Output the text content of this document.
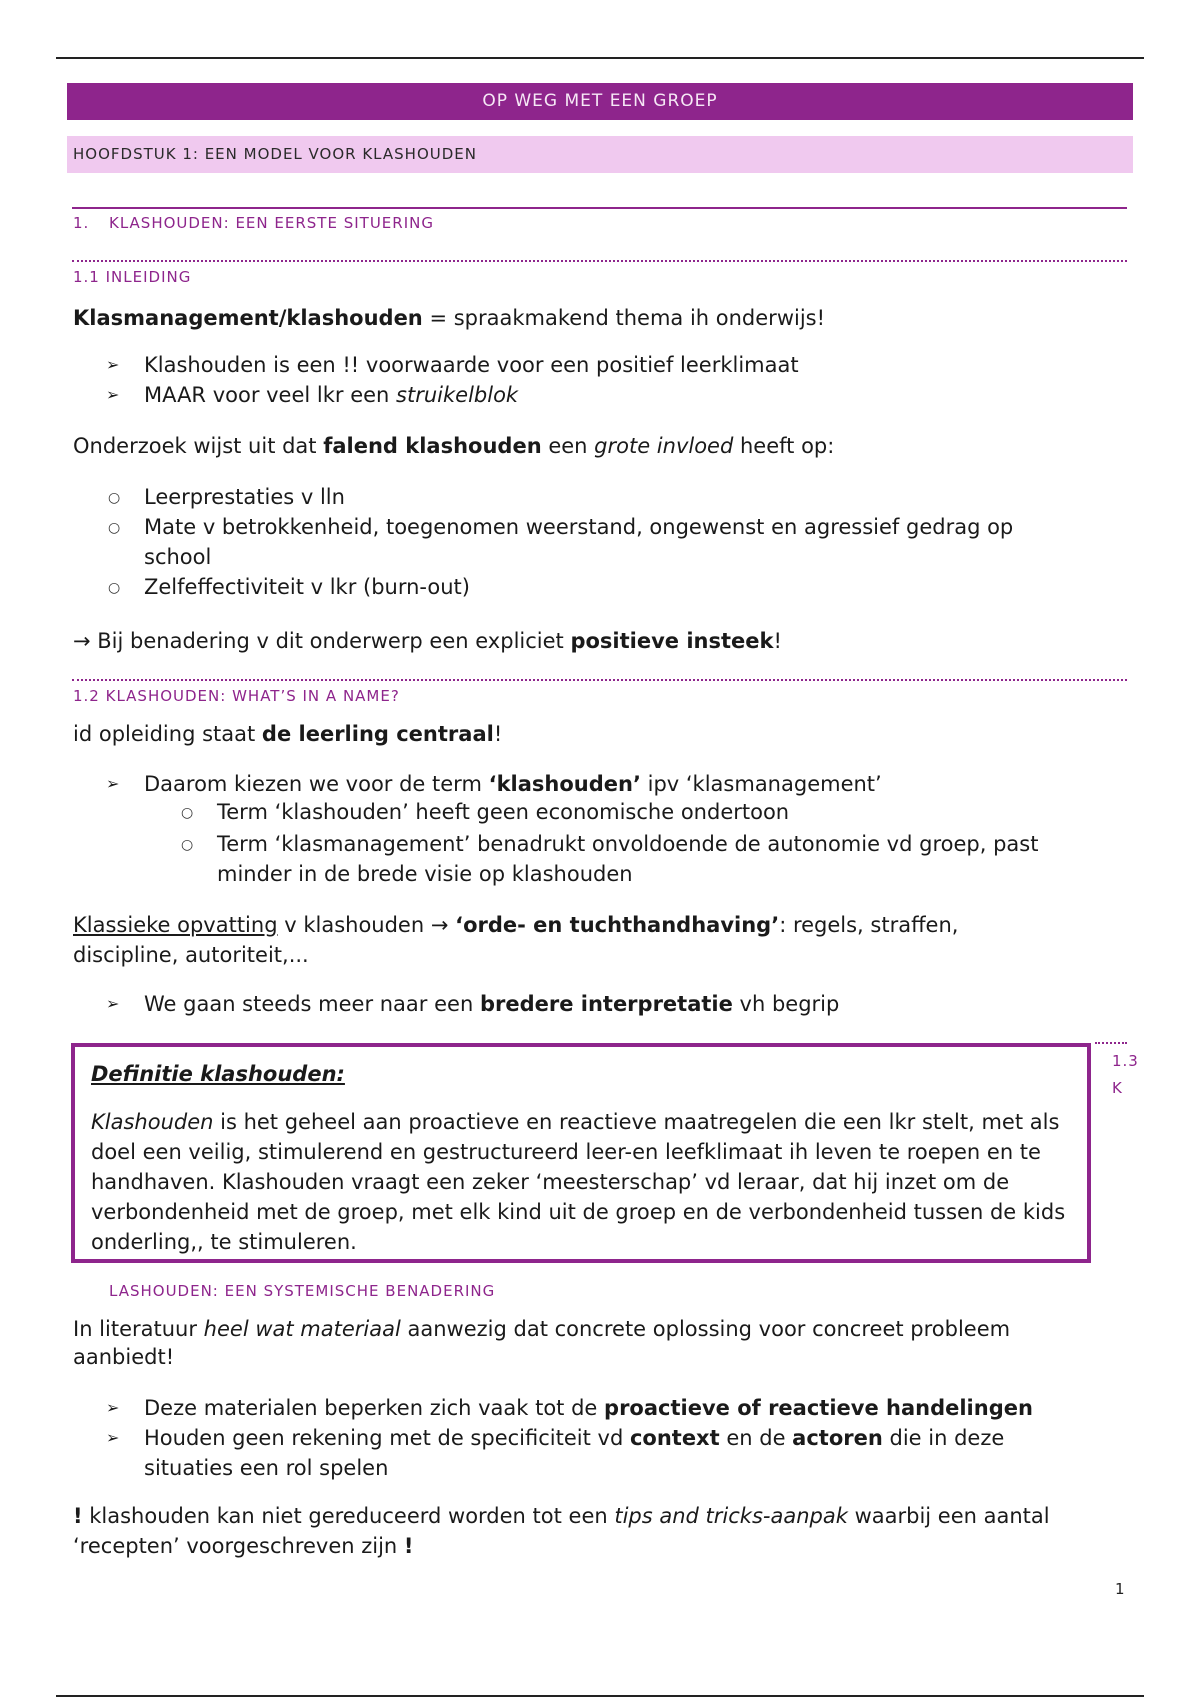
OP WEG MET EEN GROEP
HOOFDSTUK 1: EEN MODEL VOOR KLASHOUDEN
1. KLASHOUDEN: EEN EERSTE SITUERING
1.1 INLEIDING
Klasmanagement/klashouden = spraakmakend thema ih onderwijs!
➢ Klashouden is een !! voorwaarde voor een positief leerklimaat
➢ MAAR voor veel lkr een struikelblok
Onderzoek wijst uit dat falend klashouden een grote invloed heeft op:
○ Leerprestaties v lln
○ Mate v betrokkenheid, toegenomen weerstand, ongewenst en agressief gedrag op school
○ Zelfeffectiviteit v lkr (burn-out)
→ Bij benadering v dit onderwerp een expliciet positieve insteek!
1.2 KLASHOUDEN: WHAT’S IN A NAME?
id opleiding staat de leerling centraal!
➢ Daarom kiezen we voor de term ‘klashouden’ ipv ‘klasmanagement’
○ Term ‘klashouden’ heeft geen economische ondertoon
○ Term ‘klasmanagement’ benadrukt onvoldoende de autonomie vd groep, past minder in de brede visie op klashouden
Klassieke opvatting v klashouden → ‘orde- en tuchthandhaving’: regels, straffen,
discipline, autoriteit,...
➢ We gaan steeds meer naar een bredere interpretatie vh begrip
Definitie klashouden:
Klashouden is het geheel aan proactieve en reactieve maatregelen die een lkr stelt, met als doel een veilig, stimulerend en gestructureerd leer-en leefklimaat ih leven te roepen en te handhaven. Klashouden vraagt een zeker ‘meesterschap’ vd leraar, dat hij inzet om de verbondenheid met de groep, met elk kind uit de groep en de verbondenheid tussen de kids onderling,, te stimuleren.
1.3
K
LASHOUDEN: EEN SYSTEMISCHE BENADERING
In literatuur heel wat materiaal aanwezig dat concrete oplossing voor concreet probleem
aanbiedt!
➢ Deze materialen beperken zich vaak tot de proactieve of reactieve handelingen
➢ Houden geen rekening met de specificiteit vd context en de actoren die in deze
situaties een rol spelen
! klashouden kan niet gereduceerd worden tot een tips and tricks-aanpak waarbij een aantal
‘recepten’ voorgeschreven zijn !
1
